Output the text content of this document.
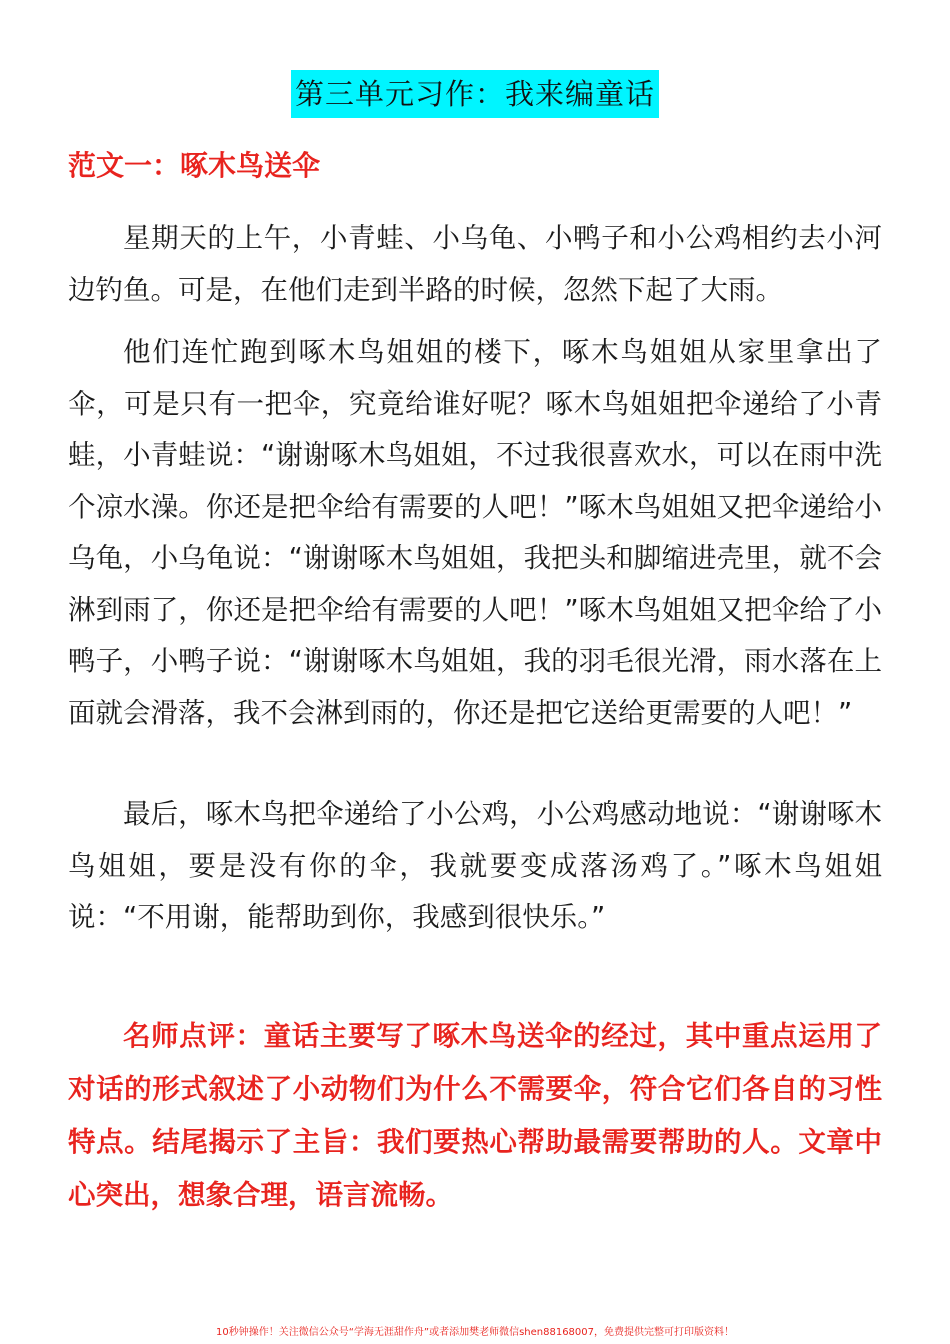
第三单元习作：我来编童话
范文一：啄木鸟送伞

星期天的上午，小青蛙、小乌龟、小鸭子和小公鸡相约去小河边钓鱼。可是，在他们走到半路的时候，忽然下起了大雨。

他们连忙跑到啄木鸟姐姐的楼下，啄木鸟姐姐从家里拿出了伞，可是只有一把伞，究竟给谁好呢？啄木鸟姐姐把伞递给了小青蛙，小青蛙说：“谢谢啄木鸟姐姐，不过我很喜欢水，可以在雨中洗个凉水澡。你还是把伞给有需要的人吧！”啄木鸟姐姐又把伞递给小乌龟，小乌龟说：“谢谢啄木鸟姐姐，我把头和脚缩进壳里，就不会淋到雨了，你还是把伞给有需要的人吧！”啄木鸟姐姐又把伞给了小鸭子，小鸭子说：“谢谢啄木鸟姐姐，我的羽毛很光滑，雨水落在上面就会滑落，我不会淋到雨的，你还是把它送给更需要的人吧！”

最后，啄木鸟把伞递给了小公鸡，小公鸡感动地说：“谢谢啄木鸟姐姐，要是没有你的伞，我就要变成落汤鸡了。”啄木鸟姐姐说：“不用谢，能帮助到你，我感到很快乐。”

名师点评：童话主要写了啄木鸟送伞的经过，其中重点运用了对话的形式叙述了小动物们为什么不需要伞，符合它们各自的习性特点。结尾揭示了主旨：我们要热心帮助最需要帮助的人。文章中心突出，想象合理，语言流畅。

10秒钟操作！关注微信公众号“学海无涯甜作舟”或者添加樊老师微信shen88168007，免费提供完整可打印版资料！
